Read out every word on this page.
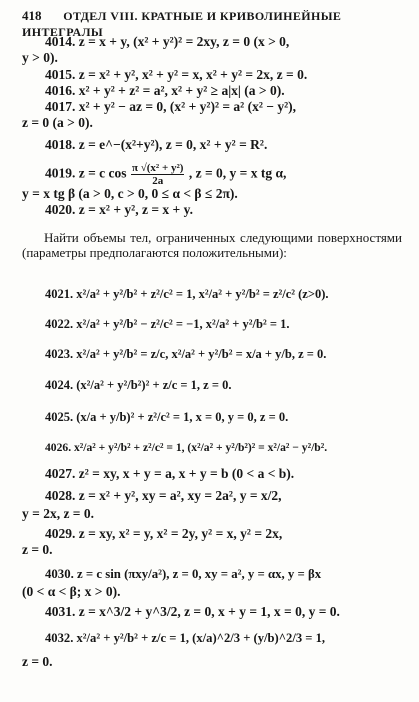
418 ОТДЕЛ VIII. КРАТНЫЕ И КРИВОЛИНЕЙНЫЕ ИНТЕГРАЛЫ
4014. z = x + y, (x² + y²)² = 2xy, z = 0 (x > 0,
y > 0).
4015. z = x² + y², x² + y² = x, x² + y² = 2x, z = 0.
4016. x² + y² + z² = a², x² + y² ≥ a|x| (a > 0).
4017. x² + y² − az = 0, (x² + y²)² = a² (x² − y²),
z = 0 (a > 0).
4018. z = e^−(x²+y²), z = 0, x² + y² = R².
4019. z = c $\cos \frac{\text{π √(x² + y²)}}{2a}$ , z = 0, y = x tg α,
y = x tg β (a > 0, c > 0, 0 ≤ α < β ≤ 2π).
4020. z = x² + y², z = x + y.
Найти объемы тел, ограниченных следующими поверхностями (параметры предполагаются положительными):
4021. x²/a² + y²/b² + z²/c² = 1, x²/a² + y²/b² = z²/c² (z>0).
4022. x²/a² + y²/b² − z²/c² = −1, x²/a² + y²/b² = 1.
4023. x²/a² + y²/b² = z/c, x²/a² + y²/b² = x/a + y/b, z = 0.
4024. (x²/a² + y²/b²)² + z/c = 1, z = 0.
4025. (x/a + y/b)² + z²/c² = 1, x = 0, y = 0, z = 0.
4026. x²/a² + y²/b² + z²/c² = 1, (x²/a² + y²/b²)² = x²/a² − y²/b².
4027. z² = xy, x + y = a, x + y = b (0 < a < b).
4028. z = x² + y², xy = a², xy = 2a², y = x/2,
y = 2x, z = 0.
4029. z = xy, x² = y, x² = 2y, y² = x, y² = 2x,
z = 0.
4030. z = c sin (πxy/a²), z = 0, xy = a², y = αx, y = βx
(0 < α < β; x > 0).
4031. z = x^3/2 + y^3/2, z = 0, x + y = 1, x = 0, y = 0.
4032. x²/a² + y²/b² + z/c = 1, (x/a)^2/3 + (y/b)^2/3 = 1,
z = 0.
